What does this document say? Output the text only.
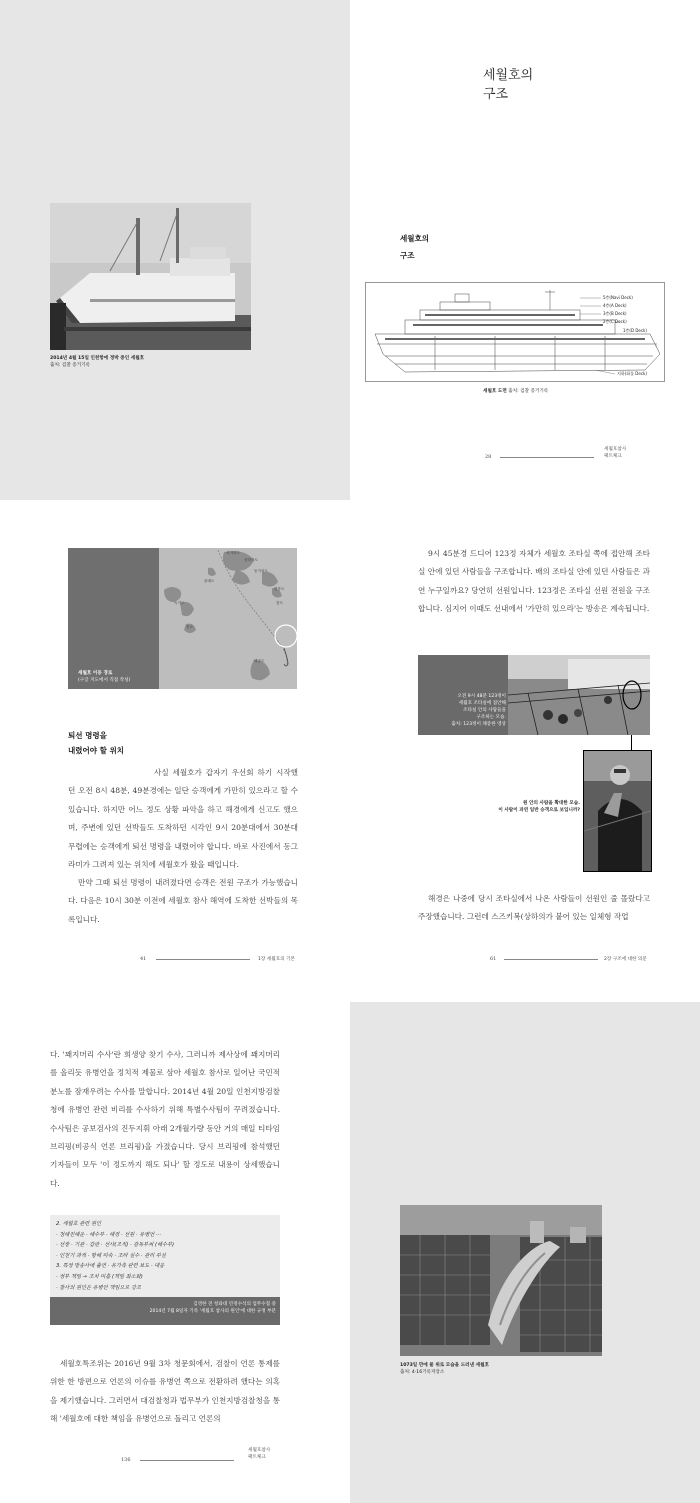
2014년 4월 15일 인천항에 정박 중인 세월호
출처: 검찰 증거기록
세월호의
구조
세월호의
구조
5층(Navi Deck)
4층(A Deck)
3층(B Deck)
2층(C Deck)
1층(D Deck)
지하(화물 Deck)
세월호 도면 출처: 검찰 증거기록
28
세월호참사
팩트체크
서거차도
상하죽도
동거차도
관매도
병풍도
맹골도
독거도
진도
잠도
세월호 이동 경로
(구글 지도에서 직접 작성)
퇴선 명령을
내렸어야 할 위치
사실 세월호가 갑자기 우선회 하기 시작했던 오전 8시 48분, 49분경에는 일단 승객에게 가만히 있으라고 할 수 있습니다. 하지만 어느 정도 상황 파악을 하고 해경에게 신고도 했으며, 주변에 있던 선박들도 도착하던 시각인 9시 20분대에서 30분대 무렵에는 승객에게 퇴선 명령을 내렸어야 합니다. 바로 사진에서 동그라미가 그려져 있는 위치에 세월호가 왔을 때입니다.
만약 그때 퇴선 명령이 내려졌다면 승객은 전원 구조가 가능했습니다. 다음은 10시 30분 이전에 세월호 참사 해역에 도착한 선박들의 목록입니다.
41	1장 세월호의 기본
9시 45분경 드디어 123정 자체가 세월호 조타실 쪽에 접안해 조타실 안에 있던 사람들을 구조합니다. 배의 조타실 안에 있던 사람들은 과연 누구일까요? 당연히 선원입니다. 123정은 조타실 선원 전원을 구조합니다. 심지어 이때도 선내에서 '가만히 있으라'는 방송은 계속됩니다.
오전 9시 48분 123정이
세월호 조타실에 접안해
조타실 안의 사람들을
구조하는 모습.
출처: 123정이 채증한 영상
원 안의 사람을 확대한 모습.
이 사람이 과연 일반 승객으로 보입니까?
해경은 나중에 당시 조타실에서 나온 사람들이 선원인 줄 몰랐다고 주장했습니다. 그런데 스즈키복(상하의가 붙어 있는 일체형 작업
61	2장 구조에 대한 의문
다. '꽤지머리 수사'란 희생양 찾기 수사, 그러니까 제사상에 꽤지머리를 올리듯 유병언을 정치적 제물로 삼아 세월호 참사로 일어난 국민적 분노를 잠재우려는 수사를 말합니다. 2014년 4월 20일 인천지방검찰청에 유병언 관련 비리를 수사하기 위해 특별수사팀이 꾸려졌습니다. 수사팀은 공보검사의 진두지휘 아래 2개월가량 동안 거의 매일 티타임 브리핑(비공식 언론 브리핑)을 가졌습니다. 당시 브리핑에 참석했던 기자들이 모두 '이 정도까지 해도 되나' 할 정도로 내용이 상세했습니다.
2. 세월호 관련 원인
· 청해진해운 · 해수부 · 해경 · 선원 · 유병언 ···
· 선장 · 기관 · 갑판 · 선사(조직) · 감독부처 (해수부)
· 인천기 과적 · 항해 미숙 · 조타 실수 · 관리 부실
3. 특정 방송사에 출연 · 유가족 관련 보도 · 대응
· 정부 책임 → 조치 미흡 (책임 최소화)
· 참사의 원인은 유병언 책임으로 강조
김영한 전 청와대 민정수석의 업무수첩 중
2014년 7월 8일자 기록 '세월호 참사의 원인'에 대한 규정 부분
세월호특조위는 2016년 9월 3차 청문회에서, 검찰이 언론 통제를 위한 한 방편으로 언론의 이슈를 유병언 쪽으로 전환하려 했다는 의혹을 제기했습니다. 그러면서 대검찰청과 법무부가 인천지방검찰청을 통해 '세월호에 대한 책임을 유병언으로 돌리고 언론의
136
세월호참사
팩트체크
1073일 만에 물 위로 모습을 드러낸 세월호
출처: 4·16기록저장소
